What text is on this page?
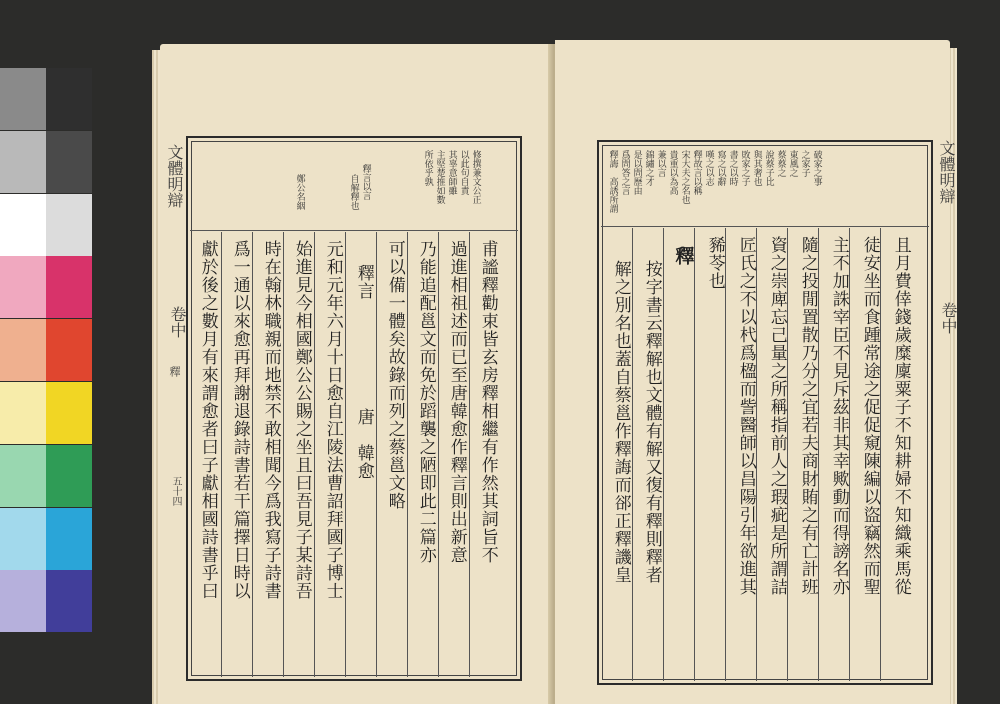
文體明辯
卷中
釋
五十四
鄭公名絪	自解釋也 釋言以言	所依乎孰 主堅楚推如數 其辜意師雖 以此句自責 修撰兼文公正
甫謐釋勸束皆玄房釋相繼有作然其詞旨不
過進相祖述而已至唐韓愈作釋言則出新意
乃能追配邕文而免於蹈襲之陋即此二篇亦
可以備一體矣故錄而列之蔡邕文略
釋言　　　　　　唐　韓愈
元和元年六月十日愈自江陵法曹詔拜國子博士
始進見今相國鄭公公賜之坐且曰吾見子某詩吾
時在翰林職親而地禁不敢相聞今爲我寫子詩書
爲一通以來愈再拜謝退錄詩書若干篇擇日時以
獻於後之數月有來謂愈者曰子獻相國詩書乎曰
文體明辯
卷中
釋誨　高誘所謂 爲問答之言 是以問歷由 錦繡之才 兼以言 貴重以為高 宋大夫之名也 釋故言以稱 嘆之以志 寫之以辭 書之以時 敗家之子 與其奢也 說蔡子比 蔡蔡之 東風之 之家子 破家之事
且月費倖錢歲糜廩粟子不知耕婦不知織乘馬從
徒安坐而食踵常途之促促窺陳編以盜竊然而聖
主不加誅宰臣不見斥茲非其幸歟動而得謗名亦
隨之投閒置散乃分之宜若夫商財賄之有亡計班
資之崇庳忘己量之所稱指前人之瑕疵是所謂詰
匠氏之不以杙爲楹而訾醫師以昌陽引年欲進其
豨苓也
釋
按字書云釋解也文體有解又復有釋則釋者
解之別名也蓋自蔡邕作釋誨而郤正釋譏皇
